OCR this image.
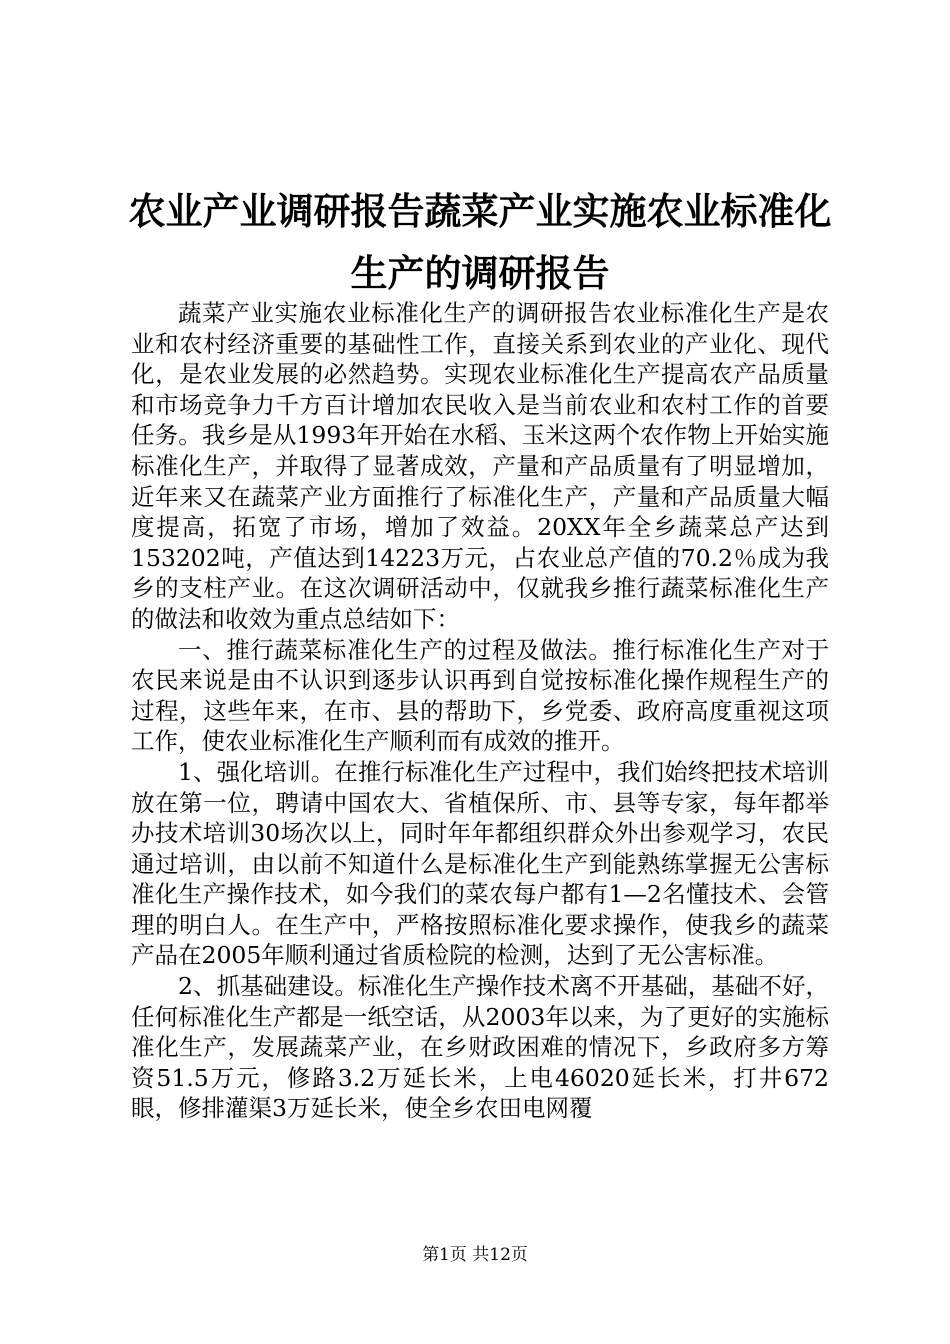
农业产业调研报告蔬菜产业实施农业标准化生产的调研报告

蔬菜产业实施农业标准化生产的调研报告农业标准化生产是农业和农村经济重要的基础性工作，直接关系到农业的产业化、现代化，是农业发展的必然趋势。实现农业标准化生产提高农产品质量和市场竞争力千方百计增加农民收入是当前农业和农村工作的首要任务。我乡是从1993年开始在水稻、玉米这两个农作物上开始实施标准化生产，并取得了显著成效，产量和产品质量有了明显增加，近年来又在蔬菜产业方面推行了标准化生产，产量和产品质量大幅度提高，拓宽了市场，增加了效益。20XX年全乡蔬菜总产达到153202吨，产值达到14223万元，占农业总产值的70.2％成为我乡的支柱产业。在这次调研活动中，仅就我乡推行蔬菜标准化生产的做法和收效为重点总结如下：

一、推行蔬菜标准化生产的过程及做法。推行标准化生产对于农民来说是由不认识到逐步认识再到自觉按标准化操作规程生产的过程，这些年来，在市、县的帮助下，乡党委、政府高度重视这项工作，使农业标准化生产顺利而有成效的推开。

1、强化培训。在推行标准化生产过程中，我们始终把技术培训放在第一位，聘请中国农大、省植保所、市、县等专家，每年都举办技术培训30场次以上，同时年年都组织群众外出参观学习，农民通过培训，由以前不知道什么是标准化生产到能熟练掌握无公害标准化生产操作技术，如今我们的菜农每户都有1—2名懂技术、会管理的明白人。在生产中，严格按照标准化要求操作，使我乡的蔬菜产品在2005年顺利通过省质检院的检测，达到了无公害标准。

2、抓基础建设。标准化生产操作技术离不开基础，基础不好，任何标准化生产都是一纸空话，从2003年以来，为了更好的实施标准化生产，发展蔬菜产业，在乡财政困难的情况下，乡政府多方筹资51.5万元，修路3.2万延长米，上电46020延长米，打井672眼，修排灌渠3万延长米，使全乡农田电网覆

第1页 共12页
